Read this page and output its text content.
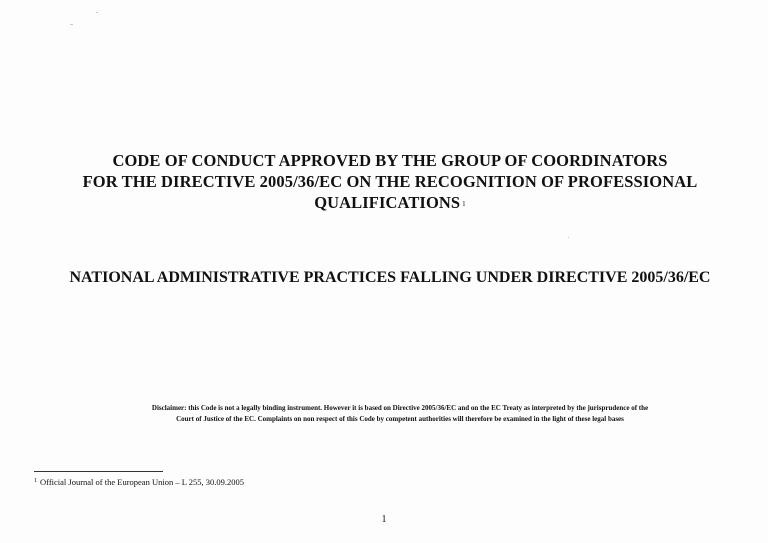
CODE OF CONDUCT APPROVED BY THE GROUP OF COORDINATORS
FOR THE DIRECTIVE 2005/36/EC ON THE RECOGNITION OF PROFESSIONAL
QUALIFICATIONS 1
NATIONAL ADMINISTRATIVE PRACTICES FALLING UNDER DIRECTIVE 2005/36/EC
Disclaimer: this Code is not a legally binding instrument. However it is based on Directive 2005/36/EC and on the EC Treaty as interpreted by the jurisprudence of the
Court of Justice of the EC. Complaints on non respect of this Code by competent authorities will therefore be examined in the light of these legal bases
$^1$ Official Journal of the European Union – L 255, 30.09.2005
1
